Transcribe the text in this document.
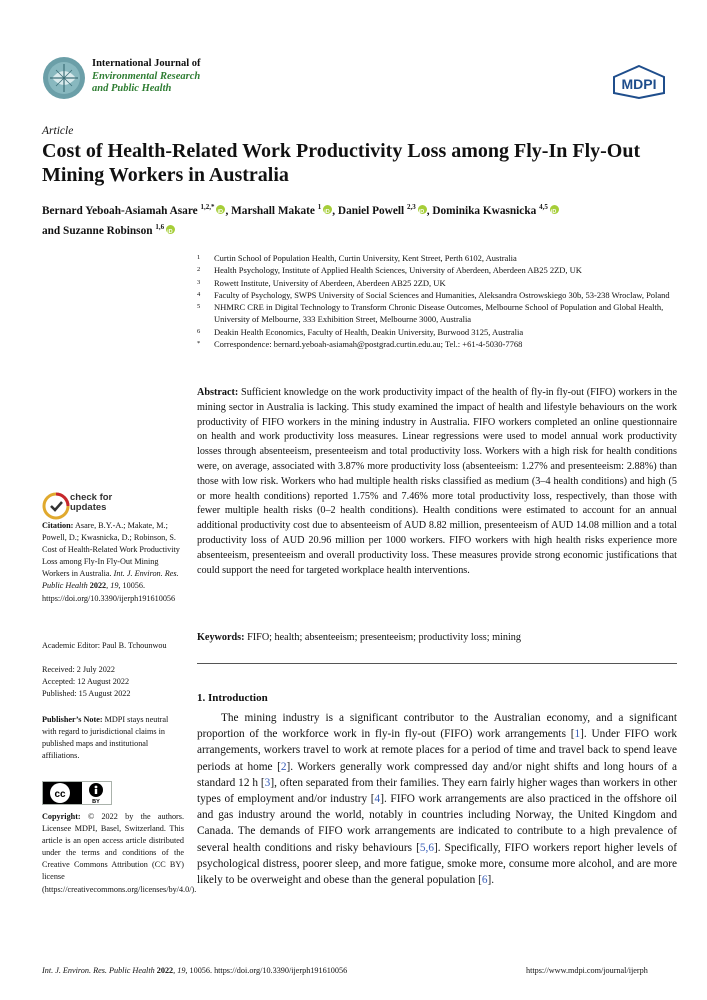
International Journal of
Environmental Research
and Public Health	MDPI
Article
Cost of Health-Related Work Productivity Loss among Fly-In Fly-Out Mining Workers in Australia
Bernard Yeboah-Asiamah Asare $^{1,2,*}$ iD , Marshall Makate $^1$ iD , Daniel Powell $^{2,3}$ iD , Dominika Kwasnicka $^{4,5}$iD
and Suzanne Robinson $^{1,6}$iD
1	Curtin School of Population Health, Curtin University, Kent Street, Perth 6102, Australia
2	Health Psychology, Institute of Applied Health Sciences, University of Aberdeen, Aberdeen AB25 2ZD, UK
3	Rowett Institute, University of Aberdeen, Aberdeen AB25 2ZD, UK
4	Faculty of Psychology, SWPS University of Social Sciences and Humanities, Aleksandra Ostrowskiego 30b, 53-238 Wroclaw, Poland
5	NHMRC CRE in Digital Technology to Transform Chronic Disease Outcomes, Melbourne School of Population and Global Health, University of Melbourne, 333 Exhibition Street, Melbourne 3000, Australia
6	Deakin Health Economics, Faculty of Health, Deakin University, Burwood 3125, Australia
*	Correspondence: bernard.yeboah-asiamah@postgrad.curtin.edu.au; Tel.: +61-4-5030-7768
Abstract: Sufficient knowledge on the work productivity impact of the health of fly-in fly-out (FIFO) workers in the mining sector in Australia is lacking. This study examined the impact of health and lifestyle behaviours on the work productivity of FIFO workers in the mining industry in Australia. FIFO workers completed an online questionnaire on health and work productivity loss measures. Linear regressions were used to model annual work productivity losses through absenteeism, presenteeism and total productivity loss. Workers with a high risk for health conditions were, on average, associated with 3.87% more productivity loss (absenteeism: 1.27% and presenteeism: 2.88%) than those with low risk. Workers who had multiple health risks classified as medium (3–4 health conditions) and high (5 or more health conditions) reported 1.75% and 7.46% more total productivity loss, respectively, than those with fewer multiple health risks (0–2 health conditions). Health conditions were estimated to account for an annual additional productivity cost due to absenteeism of AUD 8.82 million, presenteeism of AUD 14.08 million and a total productivity loss of AUD 20.96 million per 1000 workers. FIFO workers with high health risks experience more absenteeism, presenteeism and overall productivity loss. These measures provide strong economic justifications that could support the need for targeted workplace health interventions.
Keywords: FIFO; health; absenteeism; presenteeism; productivity loss; mining
check for
updates
Citation: Asare, B.Y.-A.; Makate, M.; Powell, D.; Kwasnicka, D.; Robinson, S. Cost of Health-Related Work Productivity Loss among Fly-In Fly-Out Mining Workers in Australia. Int. J. Environ. Res. Public Health 2022, 19, 10056. https://doi.org/10.3390/ijerph191610056
Academic Editor: Paul B. Tchounwou
Received: 2 July 2022
Accepted: 12 August 2022
Published: 15 August 2022
Publisher’s Note: MDPI stays neutral with regard to jurisdictional claims in published maps and institutional affiliations.
cc
BY
Copyright: © 2022 by the authors. Licensee MDPI, Basel, Switzerland. This article is an open access article distributed under the terms and conditions of the Creative Commons Attribution (CC BY) license (https://creativecommons.org/licenses/by/4.0/).
1. Introduction
The mining industry is a significant contributor to the Australian economy, and a significant proportion of the workforce work in fly-in fly-out (FIFO) work arrangements [1]. Under FIFO work arrangements, workers travel to work at remote places for a period of time and travel back to spend leave periods at home [2]. Workers generally work compressed day and/or night shifts and long hours of a standard 12 h [3], often separated from their families. They earn fairly higher wages than workers in other types of employment and/or industry [4]. FIFO work arrangements are also practiced in the offshore oil and gas industry around the world, notably in countries including Norway, the United Kingdom and Canada. The demands of FIFO work arrangements are indicated to contribute to a high prevalence of several health conditions and risky behaviours [5,6]. Specifically, FIFO workers report higher levels of psychological distress, poorer sleep, and more fatigue, smoke more, consume more alcohol, and are more likely to be overweight and obese than the general population [6].
Int. J. Environ. Res. Public Health 2022, 19, 10056. https://doi.org/10.3390/ijerph191610056	https://www.mdpi.com/journal/ijerph
